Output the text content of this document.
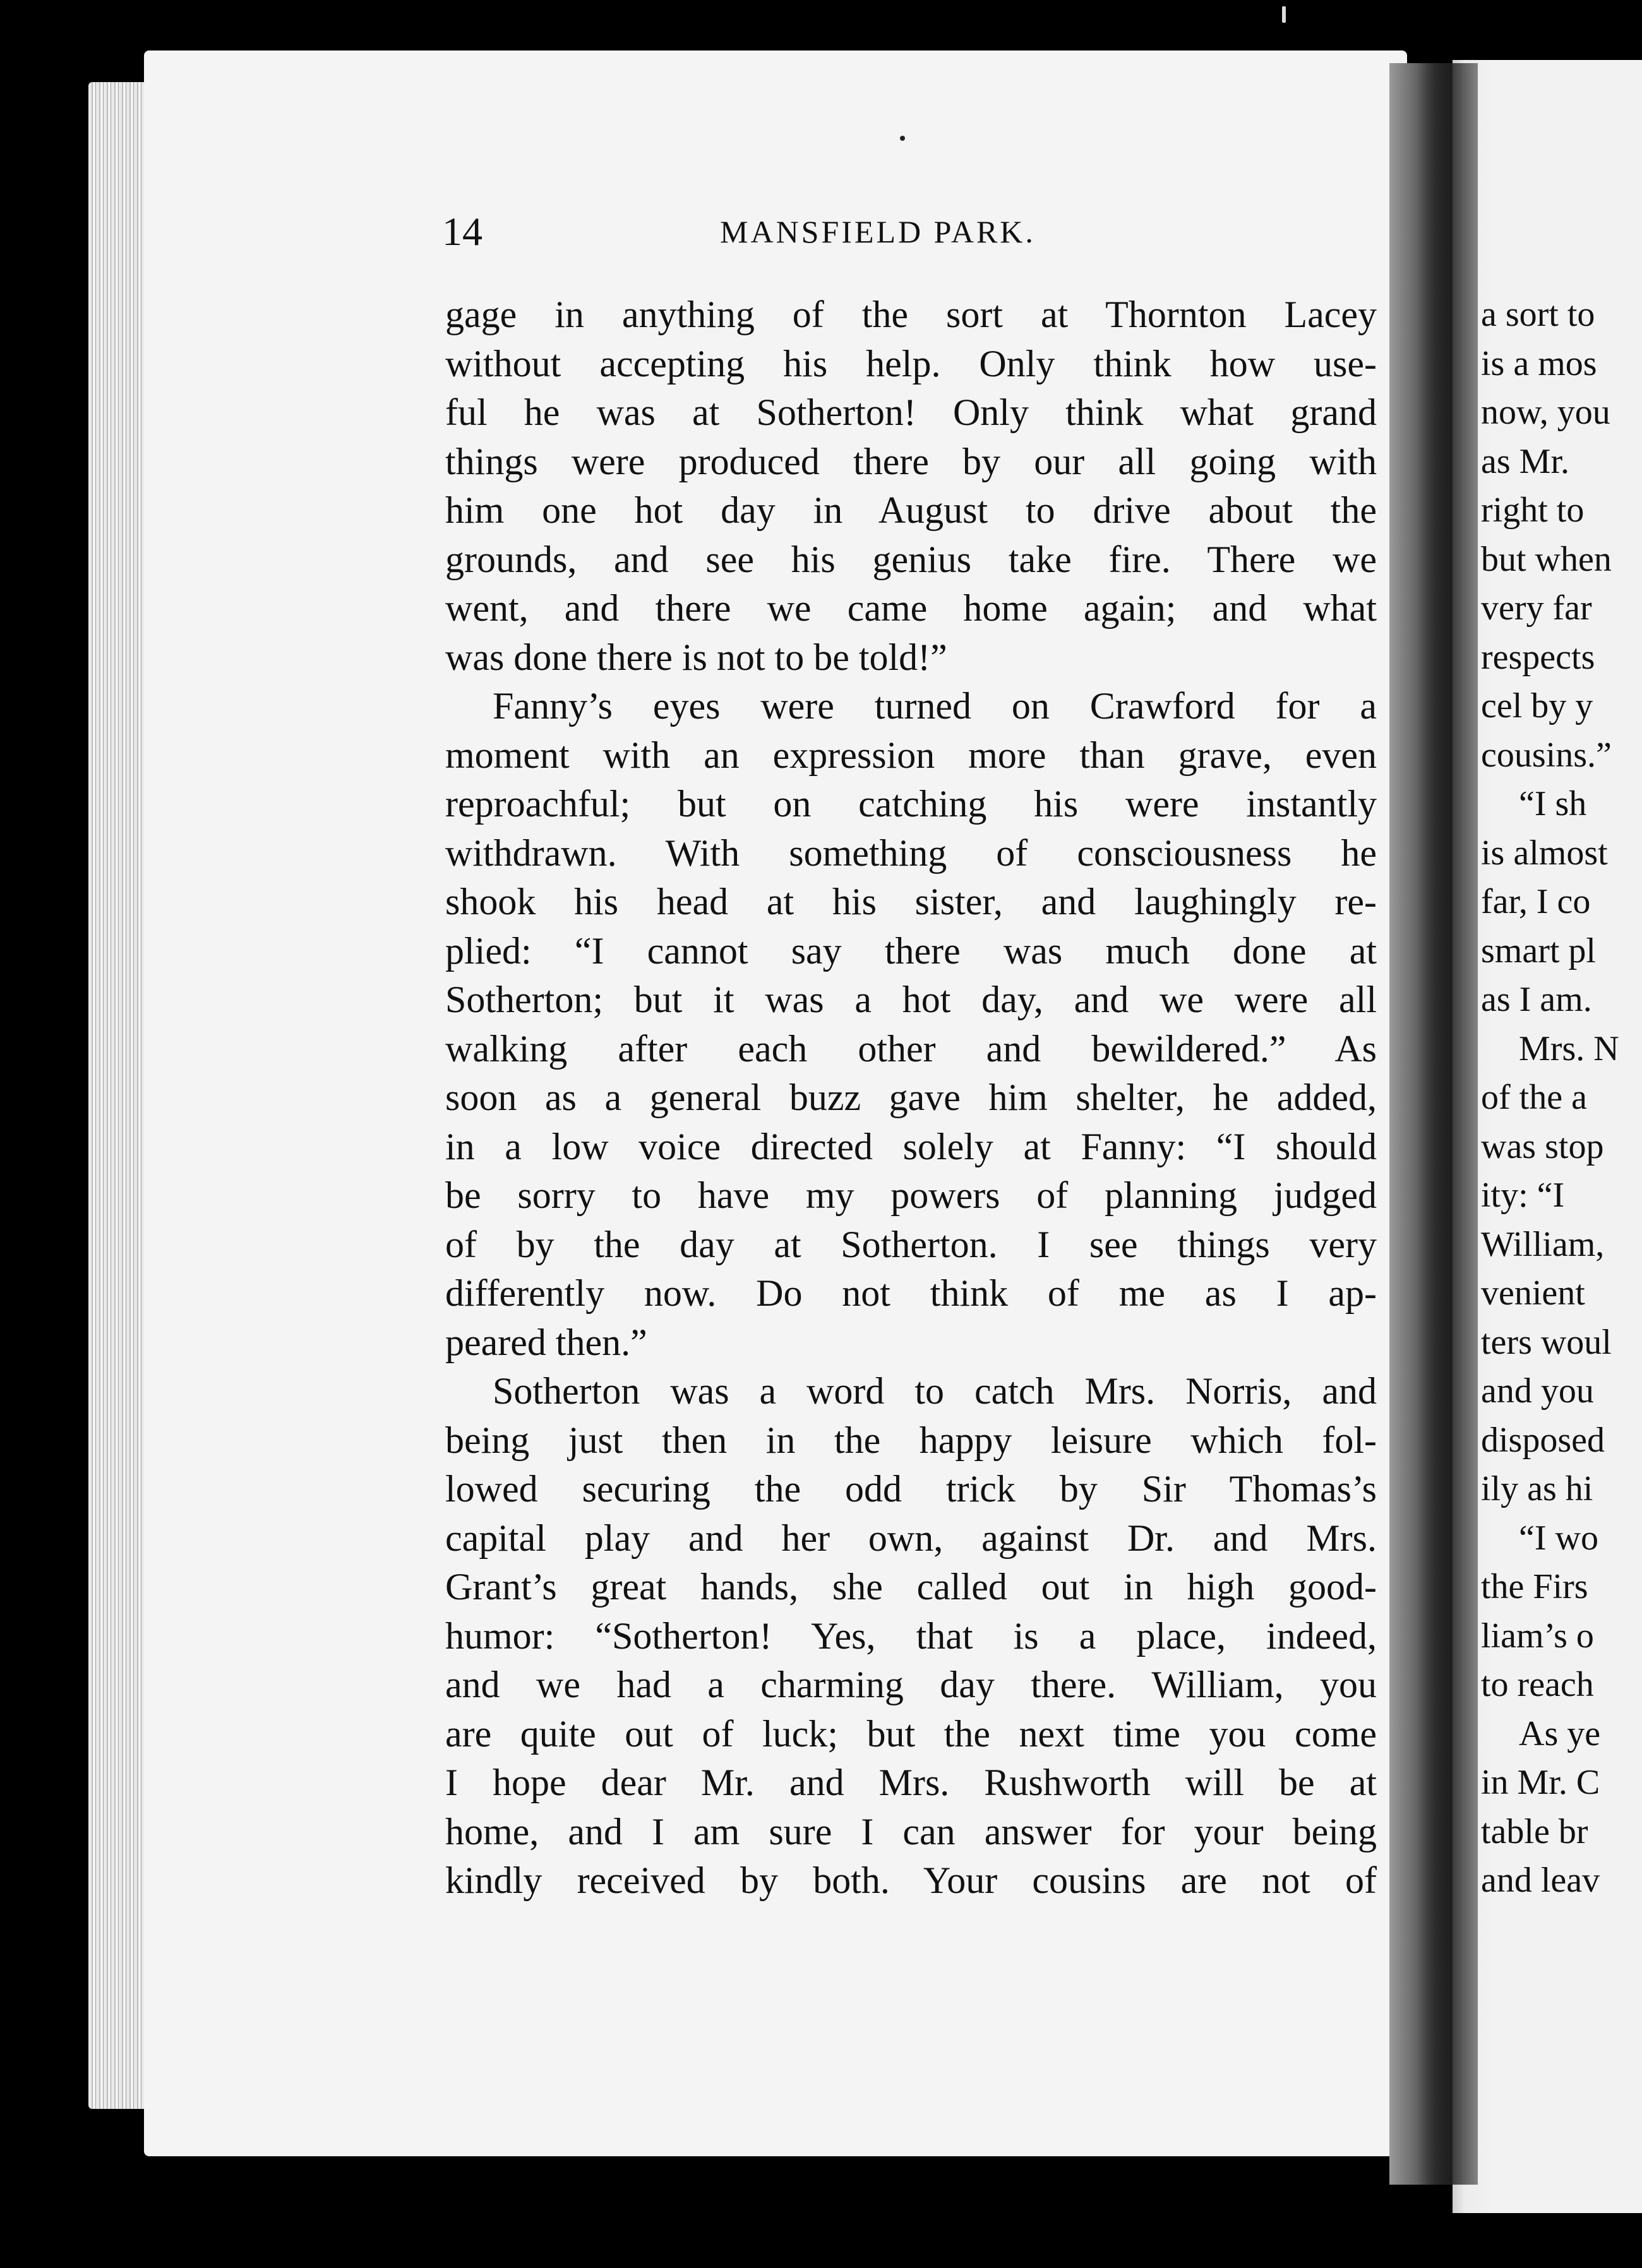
14	MANSFIELD PARK.
gage in anything of the sort at Thornton Lacey
without accepting his help. Only think how use-
ful he was at Sotherton! Only think what grand
things were produced there by our all going with
him one hot day in August to drive about the
grounds, and see his genius take fire. There we
went, and there we came home again; and what
was done there is not to be told!”
Fanny’s eyes were turned on Crawford for a
moment with an expression more than grave, even
reproachful; but on catching his were instantly
withdrawn. With something of consciousness he
shook his head at his sister, and laughingly re-
plied: “I cannot say there was much done at
Sotherton; but it was a hot day, and we were all
walking after each other and bewildered.” As
soon as a general buzz gave him shelter, he added,
in a low voice directed solely at Fanny: “I should
be sorry to have my powers of planning judged
of by the day at Sotherton. I see things very
differently now. Do not think of me as I ap-
peared then.”
Sotherton was a word to catch Mrs. Norris, and
being just then in the happy leisure which fol-
lowed securing the odd trick by Sir Thomas’s
capital play and her own, against Dr. and Mrs.
Grant’s great hands, she called out in high good-
humor: “Sotherton! Yes, that is a place, indeed,
and we had a charming day there. William, you
are quite out of luck; but the next time you come
I hope dear Mr. and Mrs. Rushworth will be at
home, and I am sure I can answer for your being
kindly received by both. Your cousins are not of
a sort to
is a mos
now, you
as Mr.
right to
but when
very far
respects
cel by y
cousins.”
“I sh
is almost
far, I co
smart pl
as I am.
Mrs. N
of the a
was stop
ity: “I
William,
venient
ters woul
and you
disposed
ily as hi
“I wo
the Firs
liam’s o
to reach
As ye
in Mr. C
table br
and leav
